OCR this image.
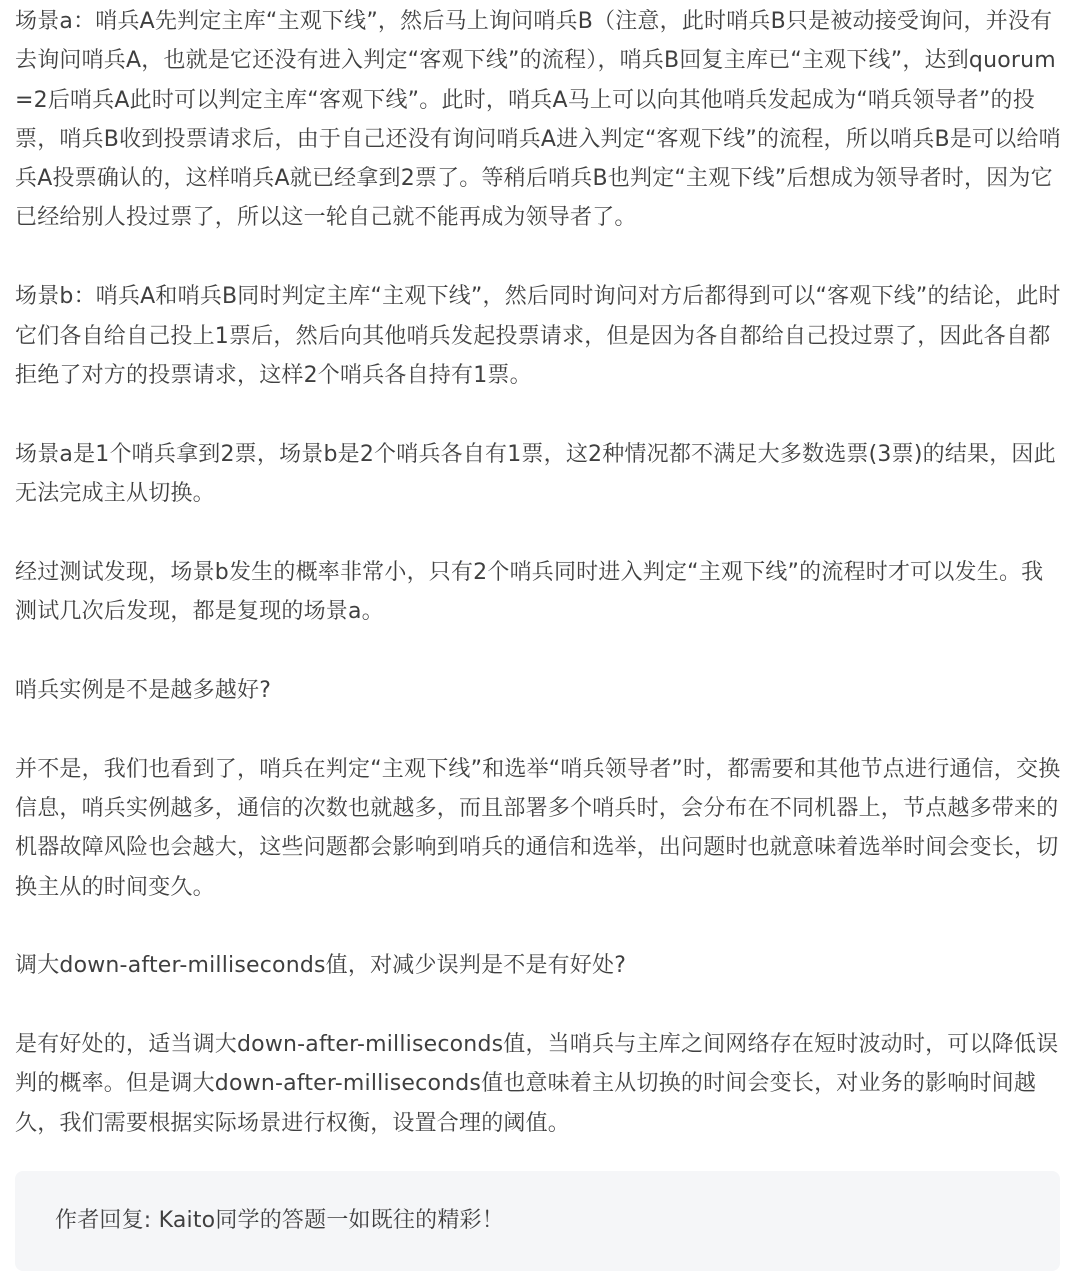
场景a：哨兵A先判定主库“主观下线”，然后马上询问哨兵B（注意，此时哨兵B只是被动接受询问，并没有去询问哨兵A，也就是它还没有进入判定“客观下线”的流程），哨兵B回复主库已“主观下线”，达到quorum=2后哨兵A此时可以判定主库“客观下线”。此时，哨兵A马上可以向其他哨兵发起成为“哨兵领导者”的投票，哨兵B收到投票请求后，由于自己还没有询问哨兵A进入判定“客观下线”的流程，所以哨兵B是可以给哨兵A投票确认的，这样哨兵A就已经拿到2票了。等稍后哨兵B也判定“主观下线”后想成为领导者时，因为它已经给别人投过票了，所以这一轮自己就不能再成为领导者了。

场景b：哨兵A和哨兵B同时判定主库“主观下线”，然后同时询问对方后都得到可以“客观下线”的结论，此时它们各自给自己投上1票后，然后向其他哨兵发起投票请求，但是因为各自都给自己投过票了，因此各自都拒绝了对方的投票请求，这样2个哨兵各自持有1票。

场景a是1个哨兵拿到2票，场景b是2个哨兵各自有1票，这2种情况都不满足大多数选票(3票)的结果，因此无法完成主从切换。

经过测试发现，场景b发生的概率非常小，只有2个哨兵同时进入判定“主观下线”的流程时才可以发生。我测试几次后发现，都是复现的场景a。

哨兵实例是不是越多越好?

并不是，我们也看到了，哨兵在判定“主观下线”和选举“哨兵领导者”时，都需要和其他节点进行通信，交换信息，哨兵实例越多，通信的次数也就越多，而且部署多个哨兵时，会分布在不同机器上，节点越多带来的机器故障风险也会越大，这些问题都会影响到哨兵的通信和选举，出问题时也就意味着选举时间会变长，切换主从的时间变久。

调大down-after-milliseconds值，对减少误判是不是有好处?

是有好处的，适当调大down-after-milliseconds值，当哨兵与主库之间网络存在短时波动时，可以降低误判的概率。但是调大down-after-milliseconds值也意味着主从切换的时间会变长，对业务的影响时间越久，我们需要根据实际场景进行权衡，设置合理的阈值。

作者回复: Kaito同学的答题一如既往的精彩！
